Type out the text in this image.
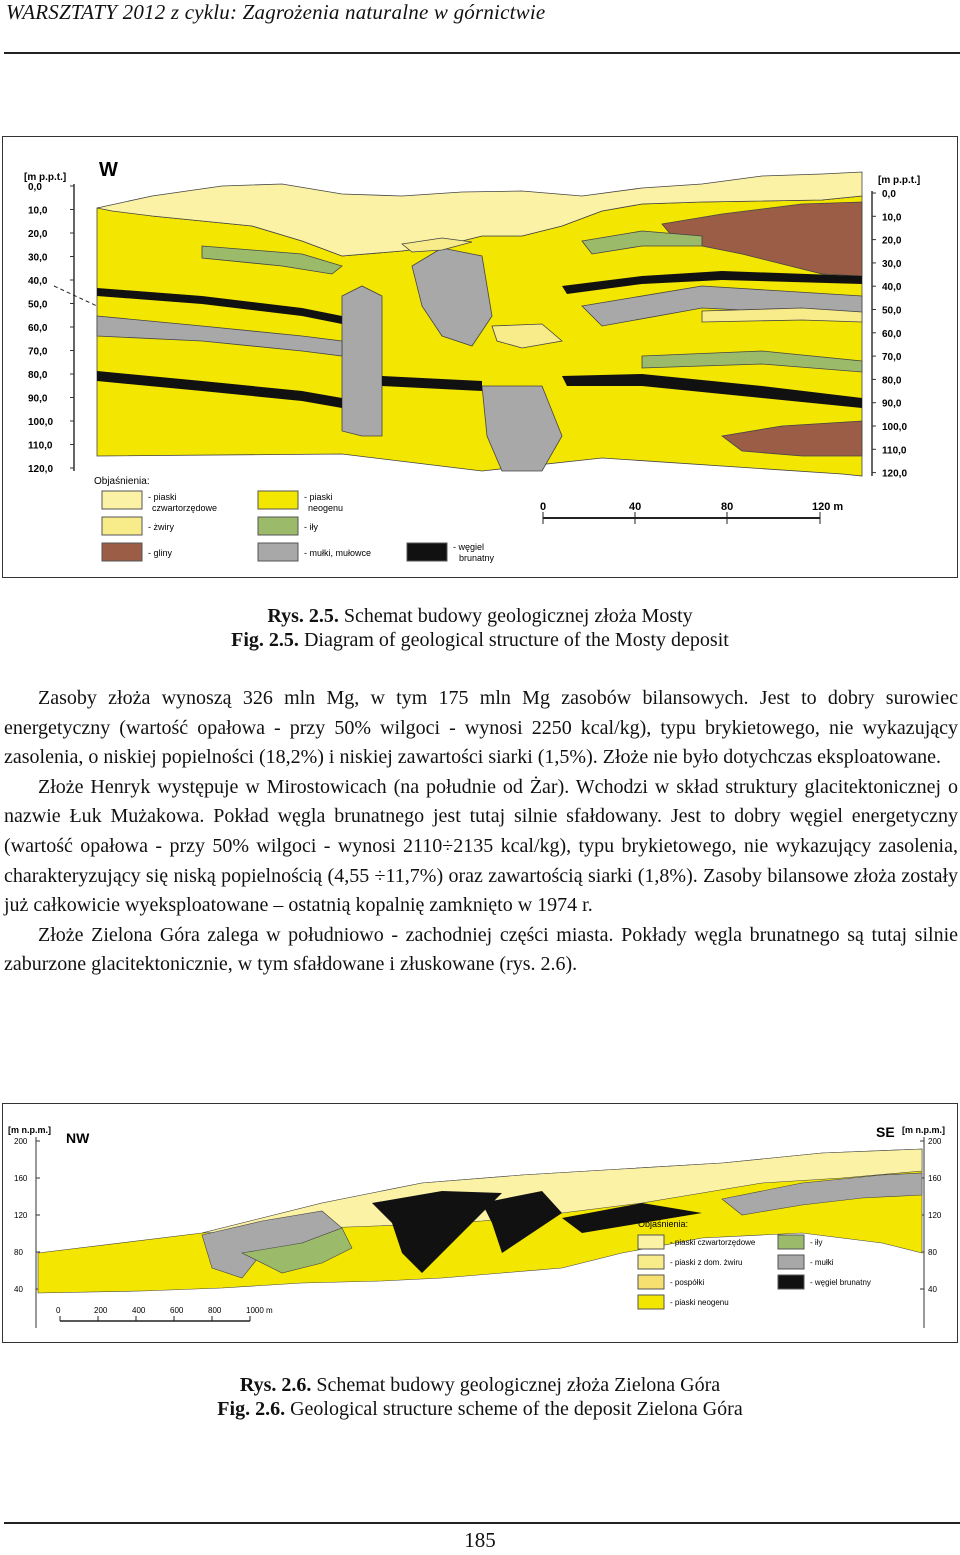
WARSZTATY 2012 z cyklu: Zagrożenia naturalne w górnictwie
0,0
10,0
20,0
30,0
40,0
50,0
60,0
70,0
80,0
90,0
100,0
110,0
120,0
[m p.p.t.]
0,0
10,0
20,0
30,0
40,0
50,0
60,0
70,0
80,0
90,0
100,0
110,0
120,0
[m p.p.t.]
W
0	40	80	120 m
Objaśnienia:
- piaski
czwartorzędowe
- żwiry
- gliny
- piaski
neogenu
- iły
- mułki, mułowce
- węgiel
brunatny
Rys. 2.5. Schemat budowy geologicznej złoża Mosty
Fig. 2.5. Diagram of geological structure of the Mosty deposit

Zasoby złoża wynoszą 326 mln Mg, w tym 175 mln Mg zasobów bilansowych. Jest to dobry surowiec energetyczny (wartość opałowa - przy 50% wilgoci - wynosi 2250 kcal/kg), typu brykietowego, nie wykazujący zasolenia, o niskiej popielności (18,2%) i niskiej zawartości siarki (1,5%). Złoże nie było dotychczas eksploatowane.

Złoże Henryk występuje w Mirostowicach (na południe od Żar). Wchodzi w skład struktury glacitektonicznej o nazwie Łuk Mużakowa. Pokład węgla brunatnego jest tutaj silnie sfałdowany. Jest to dobry węgiel energetyczny (wartość opałowa - przy 50% wilgoci - wynosi 2110÷2135 kcal/kg), typu brykietowego, nie wykazujący zasolenia, charakteryzujący się niską popielnością (4,55 ÷11,7%) oraz zawartością siarki (1,8%). Zasoby bilansowe złoża zostały już całkowicie wyeksploatowane – ostatnią kopalnię zamknięto w 1974 r.

Złoże Zielona Góra zalega w południowo - zachodniej części miasta. Pokłady węgla brunatnego są tutaj silnie zaburzone glacitektonicznie, w tym sfałdowane i złuskowane (rys. 2.6).

200
160
120
80
40
[m n.p.m.]
200
160
120
80
40
[m n.p.m.]
NW	SE
0	200	400	600	800	1000 m
Objaśnienia:
- piaski czwartorzędowe
- piaski z dom. żwiru
- pospółki
- piaski neogenu
- iły
- mułki
- węgiel brunatny
Rys. 2.6. Schemat budowy geologicznej złoża Zielona Góra
Fig. 2.6. Geological structure scheme of the deposit Zielona Góra
185
